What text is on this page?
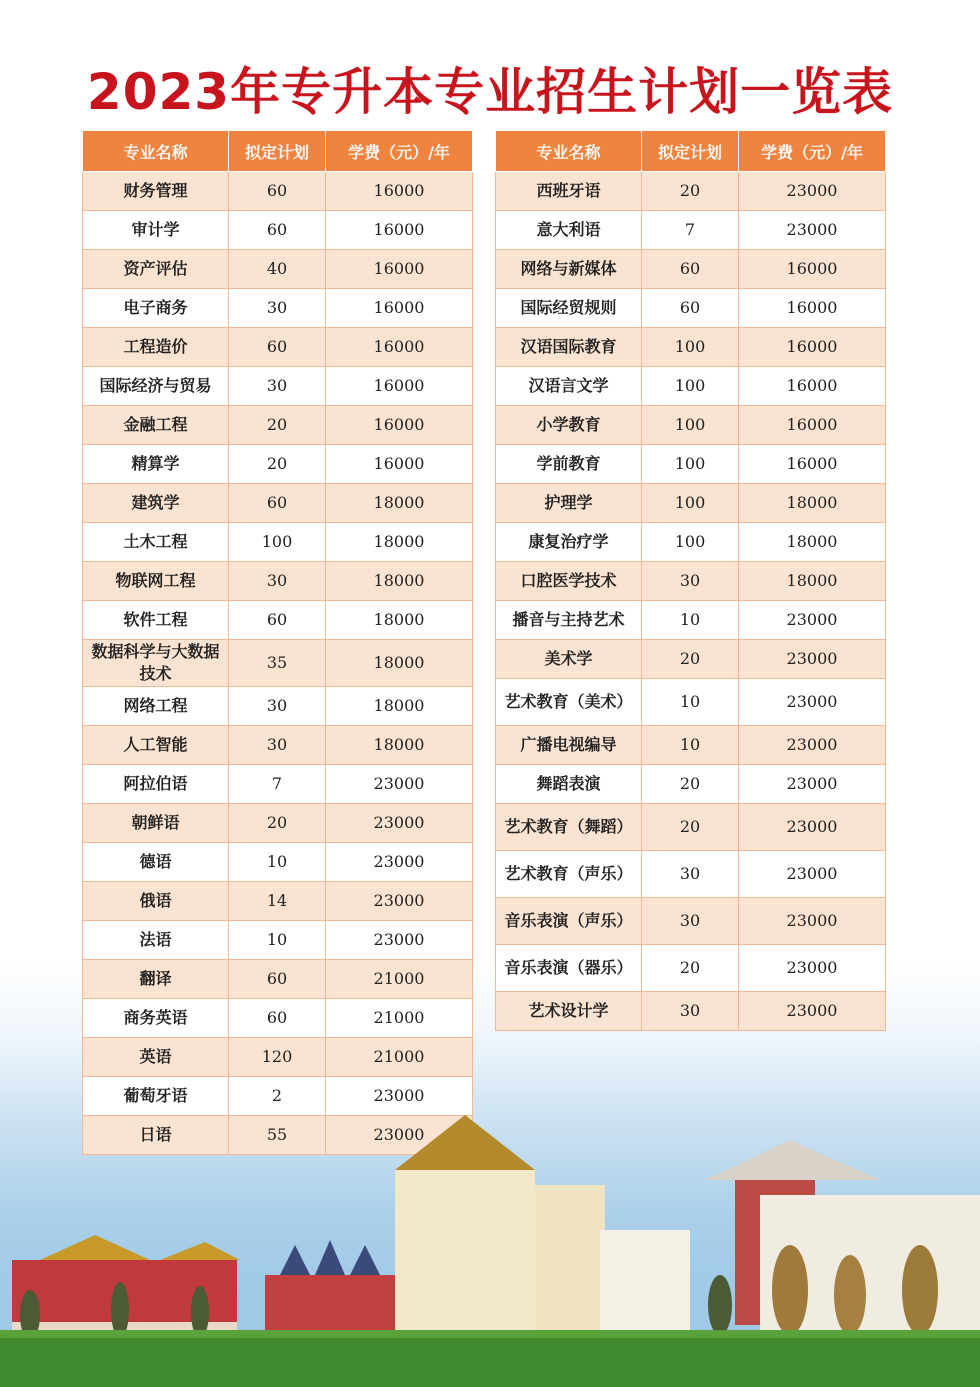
2023年专升本专业招生计划一览表
专业名称	拟定计划	学费（元）/年
财务管理	60	16000
审计学	60	16000
资产评估	40	16000
电子商务	30	16000
工程造价	60	16000
国际经济与贸易	30	16000
金融工程	20	16000
精算学	20	16000
建筑学	60	18000
土木工程	100	18000
物联网工程	30	18000
软件工程	60	18000
数据科学与大数据技术	35	18000
网络工程	30	18000
人工智能	30	18000
阿拉伯语	7	23000
朝鲜语	20	23000
德语	10	23000
俄语	14	23000
法语	10	23000
翻译	60	21000
商务英语	60	21000
英语	120	21000
葡萄牙语	2	23000
日语	55	23000
专业名称	拟定计划	学费（元）/年
西班牙语	20	23000
意大利语	7	23000
网络与新媒体	60	16000
国际经贸规则	60	16000
汉语国际教育	100	16000
汉语言文学	100	16000
小学教育	100	16000
学前教育	100	16000
护理学	100	18000
康复治疗学	100	18000
口腔医学技术	30	18000
播音与主持艺术	10	23000
美术学	20	23000
艺术教育（美术）	10	23000
广播电视编导	10	23000
舞蹈表演	20	23000
艺术教育（舞蹈）	20	23000
艺术教育（声乐）	30	23000
音乐表演（声乐）	30	23000
音乐表演（器乐）	20	23000
艺术设计学	30	23000
